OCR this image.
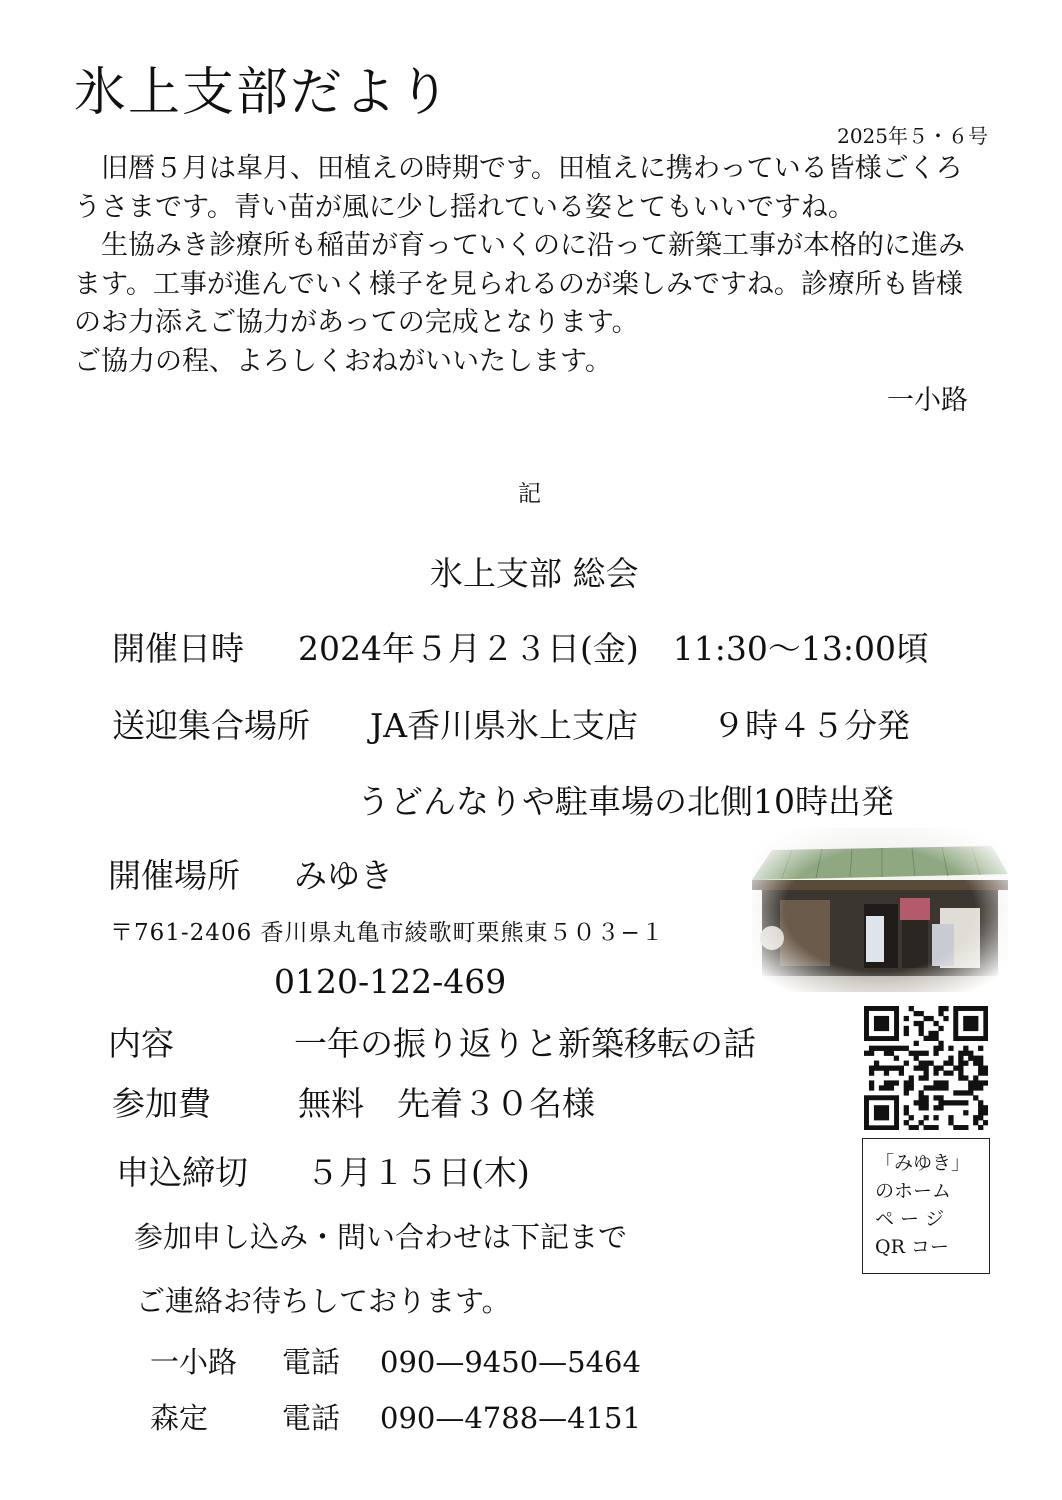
氷上支部だより
2025年５・６号

旧暦５月は皐月、田植えの時期です。田植えに携わっている皆様ごくろうさまです。青い苗が風に少し揺れている姿とてもいいですね。

生協みき診療所も稲苗が育っていくのに沿って新築工事が本格的に進みます。工事が進んでいく様子を見られるのが楽しみですね。診療所も皆様のお力添えご協力があっての完成となります。

ご協力の程、よろしくおねがいいたします。

一小路
記
氷上支部 総会
開催日時 2024年５月２３日(金) 11:30～13:00頃
送迎集合場所 JA香川県氷上支店 ９時４５分発
うどんなりや駐車場の北側10時出発
開催場所 みゆき
〒761-2406 香川県丸亀市綾歌町栗熊東５０３−１
0120-122-469
内容	一年の振り返りと新築移転の話
参加費	無料　先着３０名様
申込締切 ５月１５日(木)
参加申し込み・問い合わせは下記まで
ご連絡お待ちしております。
一小路 電話 090—9450—5464
森定	電話 090—4788—4151
「みゆき」
のホーム
ペ ー ジ
QR コー
